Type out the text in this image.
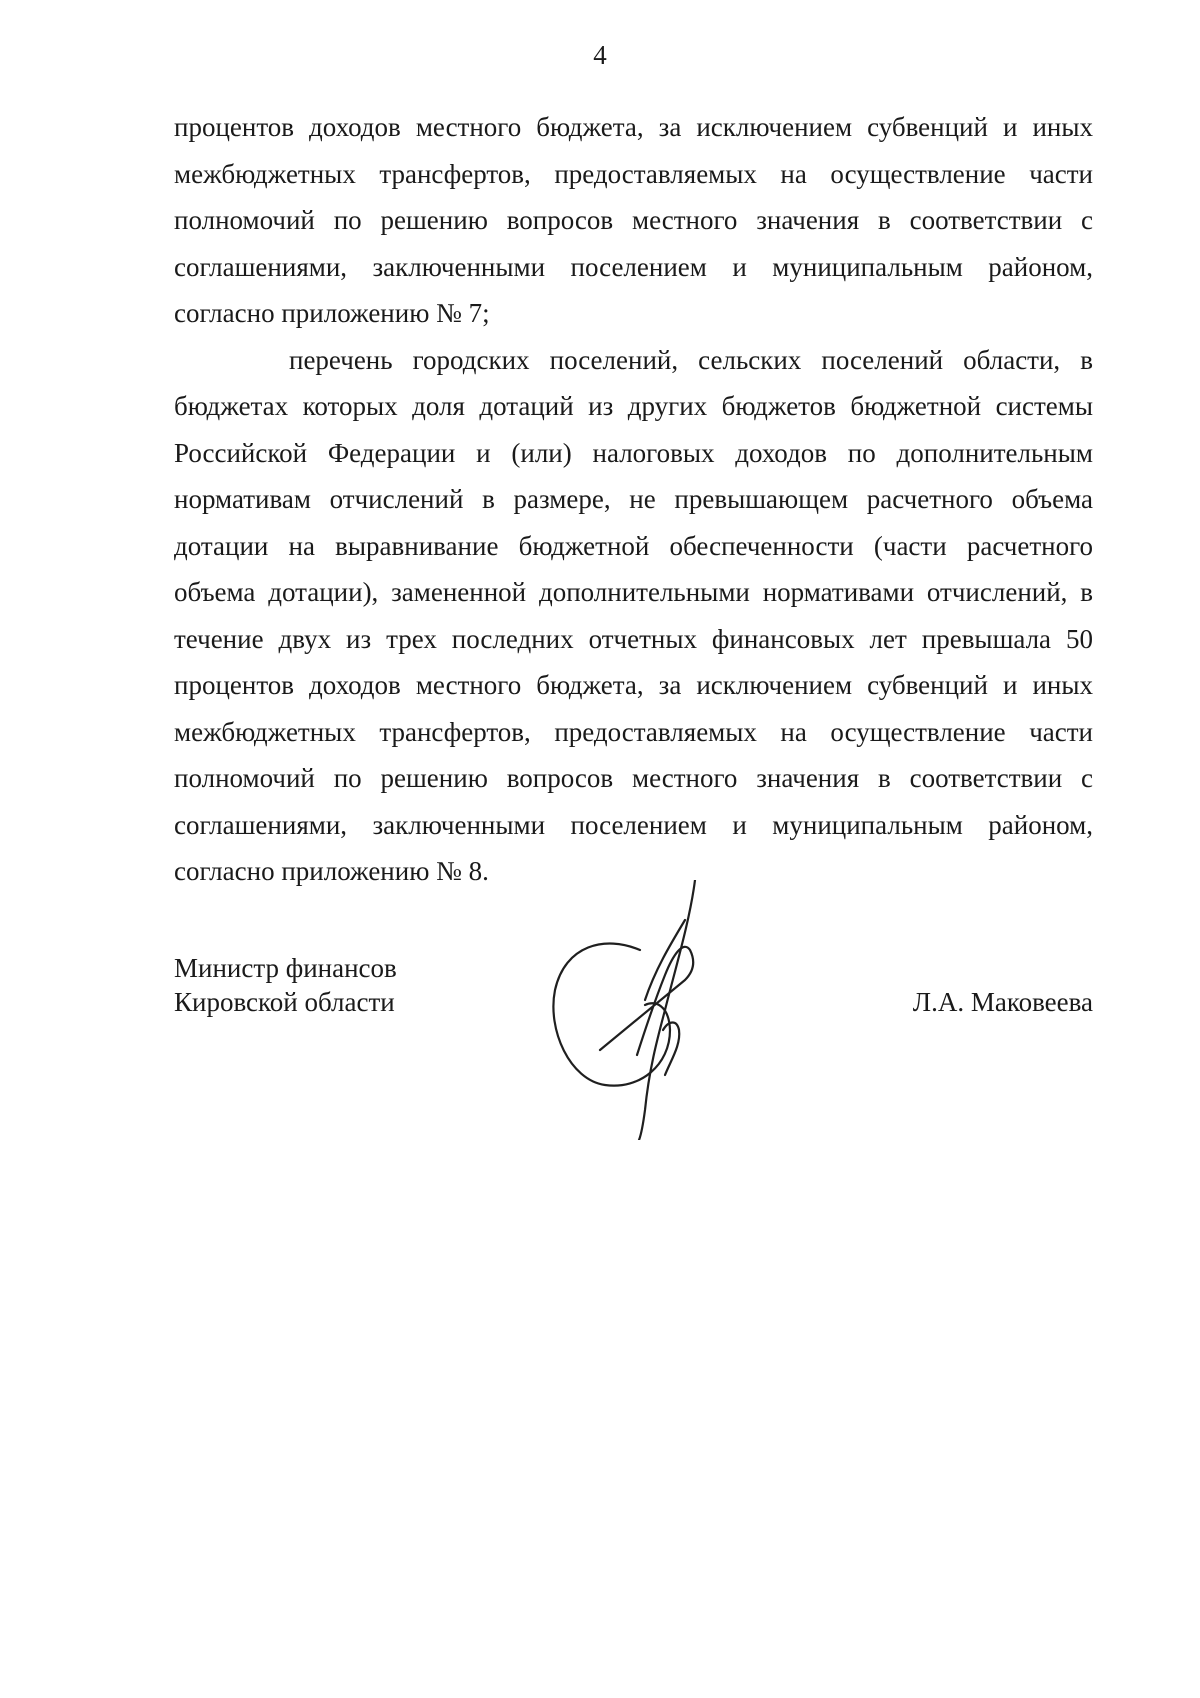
4

процентов доходов местного бюджета, за исключением субвенций и иных межбюджетных трансфертов, предоставляемых на осуществление части полномочий по решению вопросов местного значения в соответствии с соглашениями, заключенными поселением и муниципальным районом, согласно приложению № 7;

перечень городских поселений, сельских поселений области, в бюджетах которых доля дотаций из других бюджетов бюджетной системы Российской Федерации и (или) налоговых доходов по дополнительным нормативам отчислений в размере, не превышающем расчетного объема дотации на выравнивание бюджетной обеспеченности (части расчетного объема дотации), замененной дополнительными нормативами отчислений, в течение двух из трех последних отчетных финансовых лет превышала 50 процентов доходов местного бюджета, за исключением субвенций и иных межбюджетных трансфертов, предоставляемых на осуществление части полномочий по решению вопросов местного значения в соответствии с соглашениями, заключенными поселением и муниципальным районом, согласно приложению № 8.

Министр финансов
Кировской области	Л.А. Маковеева
